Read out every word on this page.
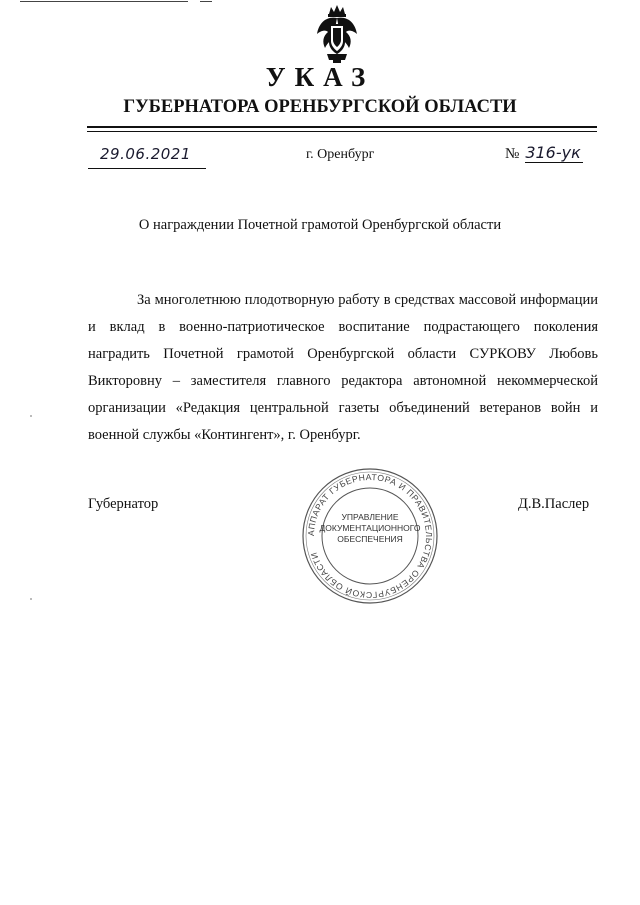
УКАЗ
ГУБЕРНАТОРА ОРЕНБУРГСКОЙ ОБЛАСТИ
29.06.2021	г. Оренбург	№ 316-ук
О награждении Почетной грамотой Оренбургской области

За многолетнюю плодотворную работу в средствах массовой информации и вклад в военно-патриотическое воспитание подрастающего поколения наградить Почетной грамотой Оренбургской области СУРКОВУ Любовь Викторовну – заместителя главного редактора автономной некоммерческой организации «Редакция центральной газеты объединений ветеранов войн и военной службы «Контингент», г. Оренбург.

Губернатор	Д.В.Паслер
АППАРАТ ГУБЕРНАТОРА И ПРАВИТЕЛЬСТВА ОРЕНБУРГСКОЙ ОБЛАСТИ
УПРАВЛЕНИЕ
ДОКУМЕНТАЦИОННОГО
ОБЕСПЕЧЕНИЯ
